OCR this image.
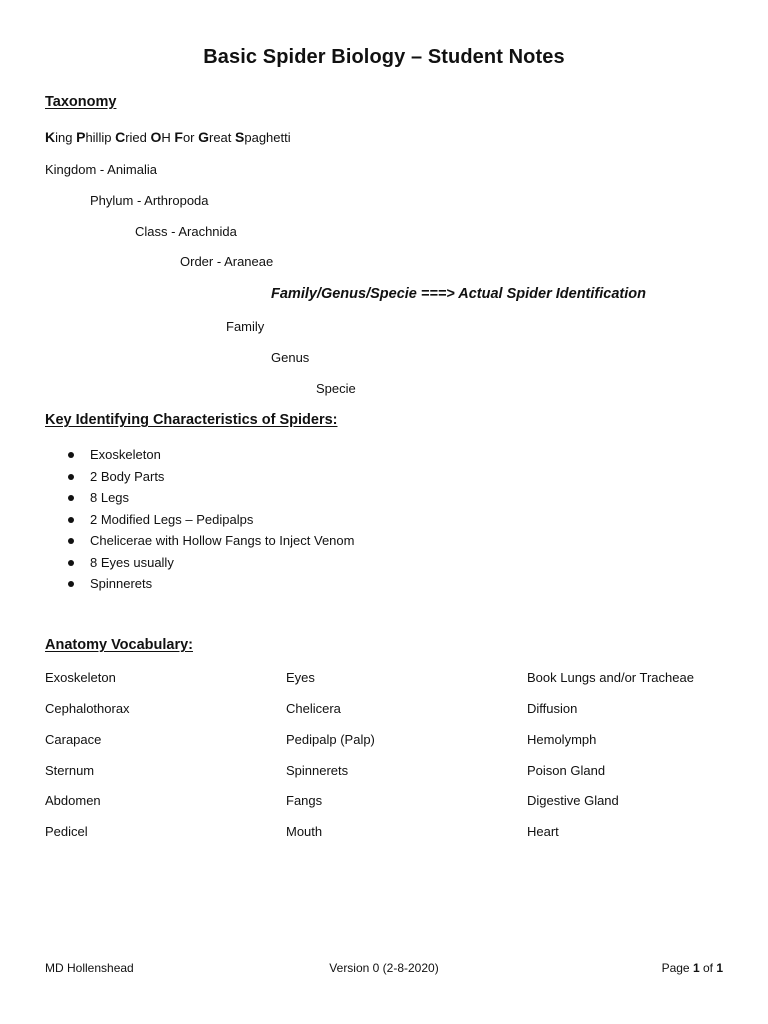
Basic Spider Biology – Student Notes
Taxonomy
King Phillip Cried OH For Great Spaghetti
Kingdom - Animalia
Phylum - Arthropoda
Class - Arachnida
Order - Araneae
Family/Genus/Specie ===> Actual Spider Identification
Family
Genus
Specie
Key Identifying Characteristics of Spiders:
Exoskeleton
2 Body Parts
8 Legs
2 Modified Legs – Pedipalps
Chelicerae with Hollow Fangs to Inject Venom
8 Eyes usually
Spinnerets
Anatomy Vocabulary:
Exoskeleton
Cephalothorax
Carapace
Sternum
Abdomen
Pedicel
Eyes
Chelicera
Pedipalp (Palp)
Spinnerets
Fangs
Mouth
Book Lungs and/or Tracheae
Diffusion
Hemolymph
Poison Gland
Digestive Gland
Heart
MD Hollenshead	Version 0 (2-8-2020)	Page 1 of 1
